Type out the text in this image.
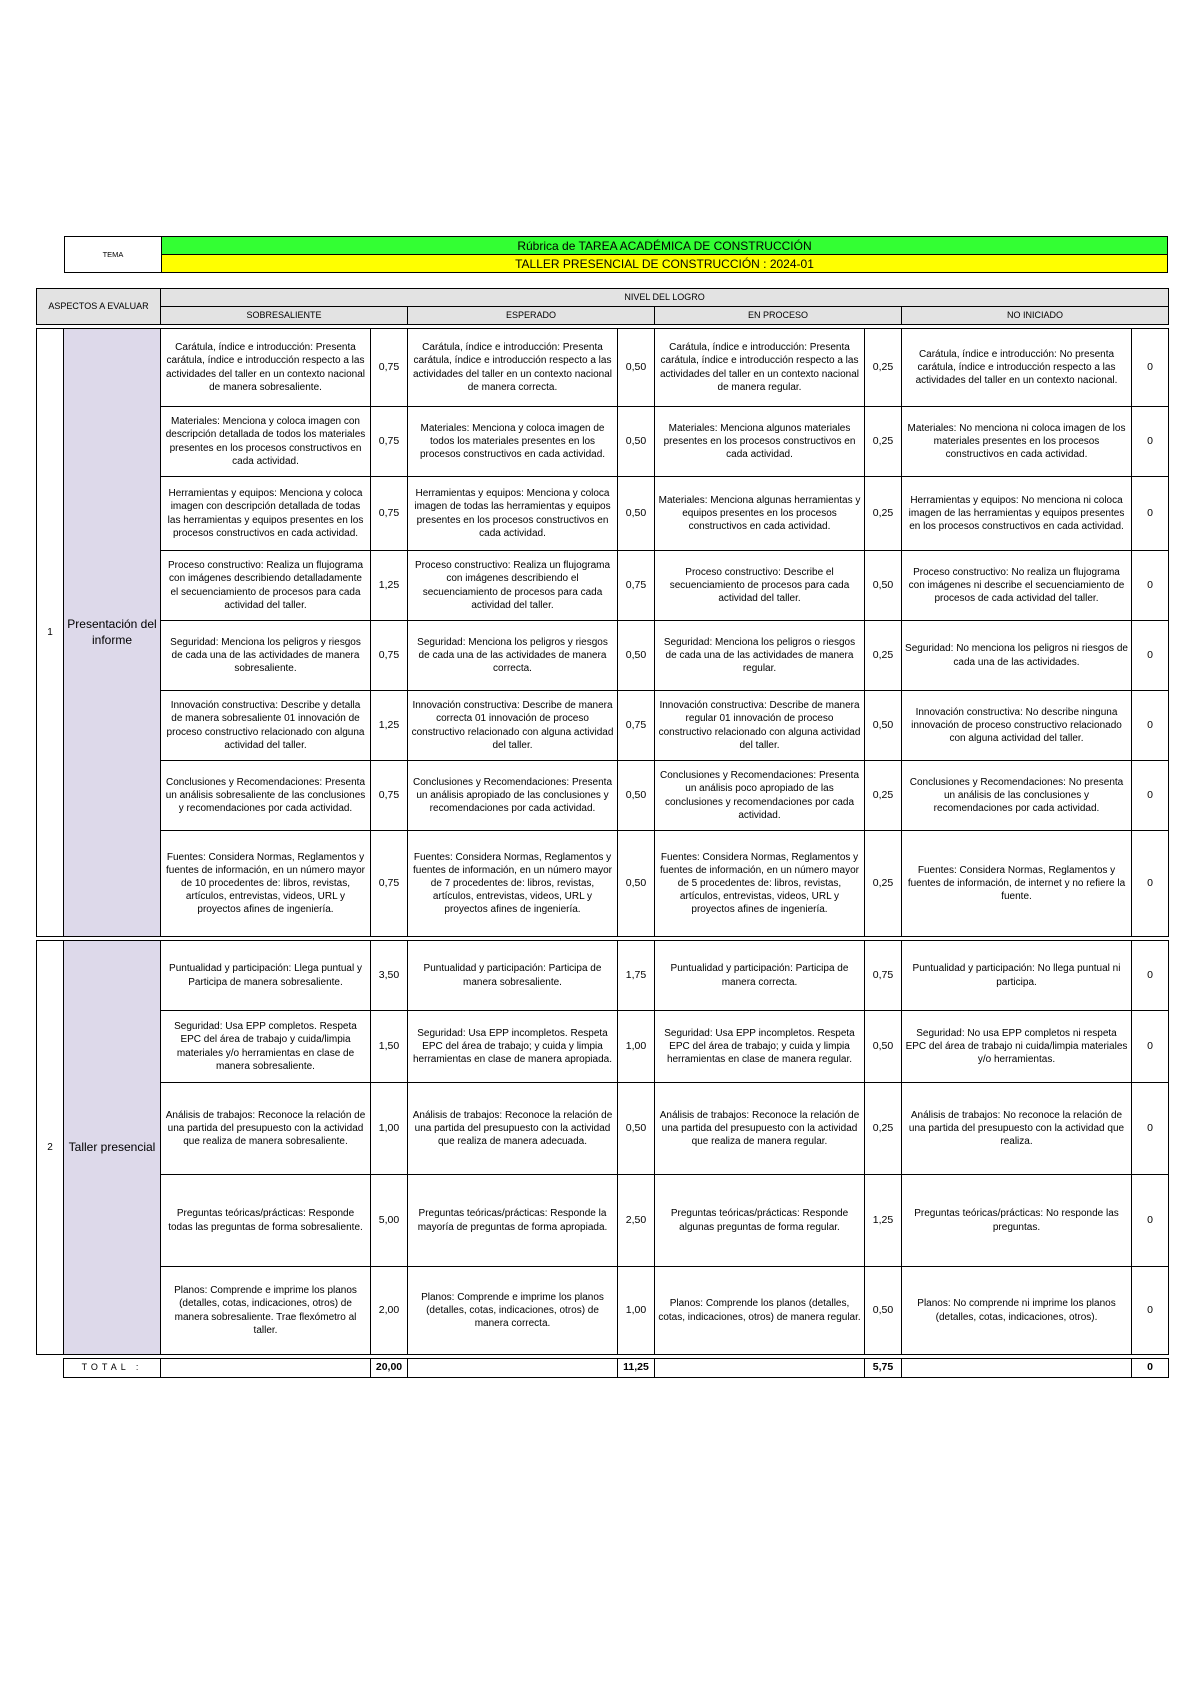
TEMA	Rúbrica de TAREA ACADÉMICA DE CONSTRUCCIÓN
TALLER PRESENCIAL DE CONSTRUCCIÓN : 2024-01
ASPECTOS A EVALUAR		NIVEL DEL LOGRO							
		SOBRESALIENTE		ESPERADO		EN PROCESO		NO INICIADO	

1	Presentación del informe	Carátula, índice e introducción: Presenta carátula, índice e introducción respecto a las actividades del taller en un contexto nacional de manera sobresaliente.	0,75	Carátula, índice e introducción: Presenta carátula, índice e introducción respecto a las actividades del taller en un contexto nacional de manera correcta.	0,50	Carátula, índice e introducción: Presenta carátula, índice e introducción respecto a las actividades del taller en un contexto nacional de manera regular.	0,25	Carátula, índice e introducción: No presenta carátula, índice e introducción respecto a las actividades del taller en un contexto nacional.	0
		Materiales: Menciona y coloca imagen con descripción detallada de todos los materiales presentes en los procesos constructivos en cada actividad.	0,75	Materiales: Menciona y coloca imagen de todos los materiales presentes en los procesos constructivos en cada actividad.	0,50	Materiales: Menciona algunos materiales presentes en los procesos constructivos en cada actividad.	0,25	Materiales: No menciona ni coloca imagen de los materiales presentes en los procesos constructivos en cada actividad.	0
		Herramientas y equipos: Menciona y coloca imagen con descripción detallada de todas las herramientas y equipos presentes en los procesos constructivos en cada actividad.	0,75	Herramientas y equipos: Menciona y coloca imagen de todas las herramientas y equipos presentes en los procesos constructivos en cada actividad.	0,50	Materiales: Menciona algunas herramientas y equipos presentes en los procesos constructivos en cada actividad.	0,25	Herramientas y equipos: No menciona ni coloca imagen de las herramientas y equipos presentes en los procesos constructivos en cada actividad.	0
		Proceso constructivo: Realiza un flujograma con imágenes describiendo detalladamente el secuenciamiento de procesos para cada actividad del taller.	1,25	Proceso constructivo: Realiza un flujograma con imágenes describiendo el secuenciamiento de procesos para cada actividad del taller.	0,75	Proceso constructivo: Describe el secuenciamiento de procesos para cada actividad del taller.	0,50	Proceso constructivo: No realiza un flujograma con imágenes ni describe el secuenciamiento de procesos de cada actividad del taller.	0
		Seguridad: Menciona los peligros y riesgos de cada una de las actividades de manera sobresaliente.	0,75	Seguridad: Menciona los peligros y riesgos de cada una de las actividades de manera correcta.	0,50	Seguridad: Menciona los peligros o riesgos de cada una de las actividades de manera regular.	0,25	Seguridad: No menciona los peligros ni riesgos de cada una de las actividades.	0
		Innovación constructiva: Describe y detalla de manera sobresaliente 01 innovación de proceso constructivo relacionado con alguna actividad del taller.	1,25	Innovación constructiva: Describe de manera correcta 01 innovación de proceso constructivo relacionado con alguna actividad del taller.	0,75	Innovación constructiva: Describe de manera regular 01 innovación de proceso constructivo relacionado con alguna actividad del taller.	0,50	Innovación constructiva: No describe ninguna innovación de proceso constructivo relacionado con alguna actividad del taller.	0
		Conclusiones y Recomendaciones: Presenta un análisis sobresaliente de las conclusiones y recomendaciones por cada actividad.	0,75	Conclusiones y Recomendaciones: Presenta un análisis apropiado de las conclusiones y recomendaciones por cada actividad.	0,50	Conclusiones y Recomendaciones: Presenta un análisis poco apropiado de las conclusiones y recomendaciones por cada actividad.	0,25	Conclusiones y Recomendaciones: No presenta un análisis de las conclusiones y recomendaciones por cada actividad.	0
		Fuentes: Considera Normas, Reglamentos y fuentes de información, en un número mayor de 10 procedentes de: libros, revistas, artículos, entrevistas, videos, URL y proyectos afines de ingeniería.	0,75	Fuentes: Considera Normas, Reglamentos y fuentes de información, en un número mayor de 7 procedentes de: libros, revistas, artículos, entrevistas, videos, URL y proyectos afines de ingeniería.	0,50	Fuentes: Considera Normas, Reglamentos y fuentes de información, en un número mayor de 5 procedentes de: libros, revistas, artículos, entrevistas, videos, URL y proyectos afines de ingeniería.	0,25	Fuentes: Considera Normas, Reglamentos y fuentes de información, de internet y no refiere la fuente.	0

2	Taller presencial	Puntualidad y participación: Llega puntual y Participa de manera sobresaliente.	3,50	Puntualidad y participación: Participa de manera sobresaliente.	1,75	Puntualidad y participación: Participa de manera correcta.	0,75	Puntualidad y participación: No llega puntual ni participa.	0
		Seguridad: Usa EPP completos. Respeta EPC del área de trabajo y cuida/limpia materiales y/o herramientas en clase de manera sobresaliente.	1,50	Seguridad: Usa EPP incompletos. Respeta EPC del área de trabajo; y cuida y limpia herramientas en clase de manera apropiada.	1,00	Seguridad: Usa EPP incompletos. Respeta EPC del área de trabajo; y cuida y limpia herramientas en clase de manera regular.	0,50	Seguridad: No usa EPP completos ni respeta EPC del área de trabajo ni cuida/limpia materiales y/o herramientas.	0
		Análisis de trabajos: Reconoce la relación de una partida del presupuesto con la actividad que realiza de manera sobresaliente.	1,00	Análisis de trabajos: Reconoce la relación de una partida del presupuesto con la actividad que realiza de manera adecuada.	0,50	Análisis de trabajos: Reconoce la relación de una partida del presupuesto con la actividad que realiza de manera regular.	0,25	Análisis de trabajos: No reconoce la relación de una partida del presupuesto con la actividad que realiza.	0
		Preguntas teóricas/prácticas: Responde todas las preguntas de forma sobresaliente.	5,00	Preguntas teóricas/prácticas: Responde la mayoría de preguntas de forma apropiada.	2,50	Preguntas teóricas/prácticas: Responde algunas preguntas de forma regular.	1,25	Preguntas teóricas/prácticas: No responde las preguntas.	0
		Planos: Comprende e imprime los planos (detalles, cotas, indicaciones, otros) de manera sobresaliente. Trae flexómetro al taller.	2,00	Planos: Comprende e imprime los planos (detalles, cotas, indicaciones, otros) de manera correcta.	1,00	Planos: Comprende los planos (detalles, cotas, indicaciones, otros) de manera regular.	0,50	Planos: No comprende ni imprime los planos (detalles, cotas, indicaciones, otros).	0

	TOTAL :		20,00		11,25		5,75		0
